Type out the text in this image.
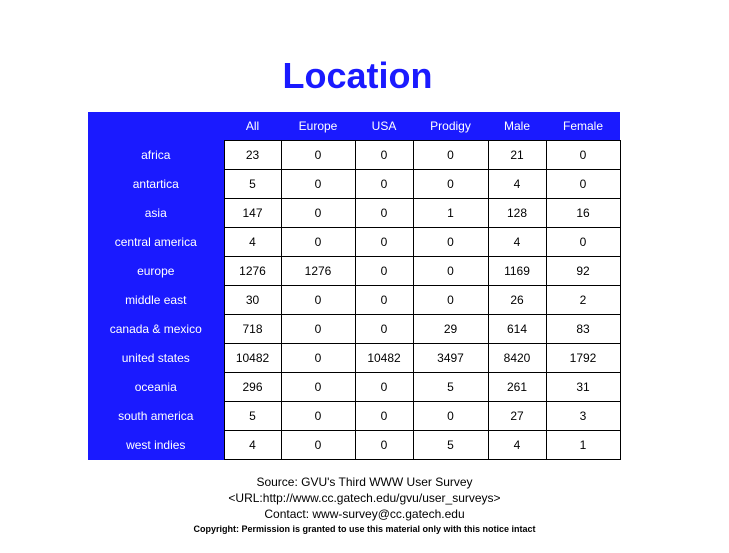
Location
	All	Europe	USA	Prodigy	Male	Female
africa	23	0	0	0	21	0
antartica	5	0	0	0	4	0
asia	147	0	0	1	128	16
central america	4	0	0	0	4	0
europe	1276	1276	0	0	1169	92
middle east	30	0	0	0	26	2
canada & mexico	718	0	0	29	614	83
united states	10482	0	10482	3497	8420	1792
oceania	296	0	0	5	261	31
south america	5	0	0	0	27	3
west indies	4	0	0	5	4	1
Source: GVU's Third WWW User Survey
<URL:http://www.cc.gatech.edu/gvu/user_surveys>
Contact: www-survey@cc.gatech.edu
Copyright: Permission is granted to use this material only with this notice intact
